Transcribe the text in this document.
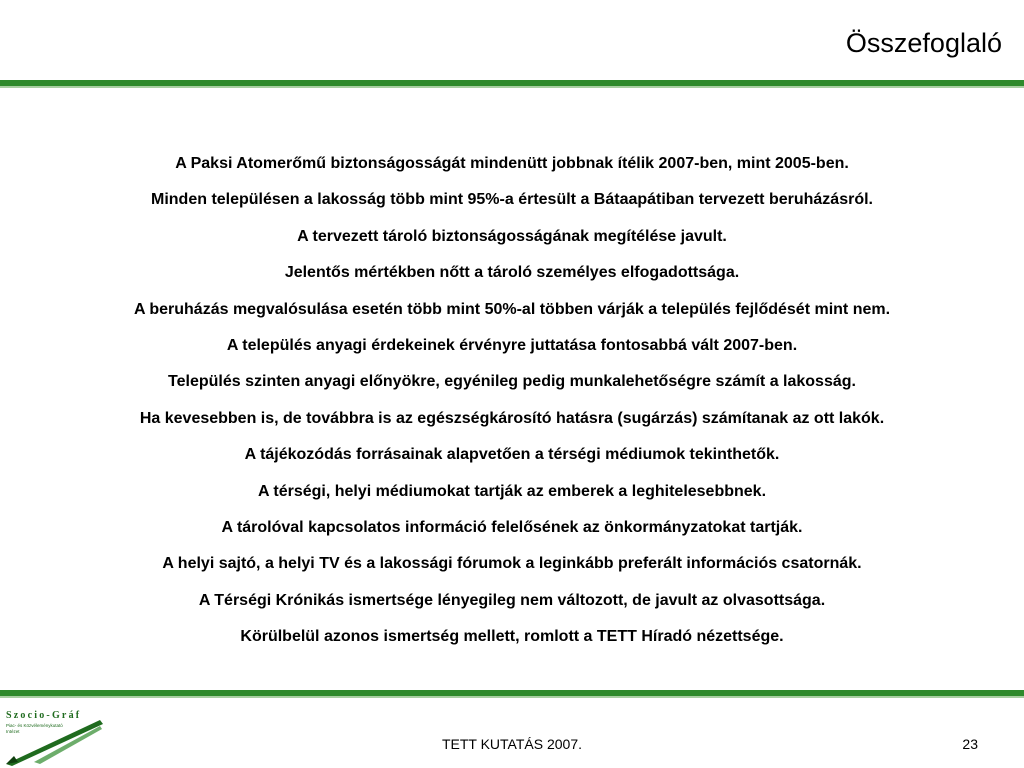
Összefoglaló
A Paksi Atomerőmű biztonságosságát mindenütt jobbnak ítélik 2007-ben, mint 2005-ben.
Minden településen a lakosság több mint 95%-a értesült a Bátaapátiban tervezett beruházásról.
A tervezett tároló biztonságosságának megítélése javult.
Jelentős mértékben nőtt a tároló személyes elfogadottsága.
A beruházás megvalósulása esetén több mint 50%-al többen várják a település fejlődését mint nem.
A település anyagi érdekeinek érvényre juttatása fontosabbá vált 2007-ben.
Település szinten anyagi előnyökre, egyénileg pedig munkalehetőségre számít a lakosság.
Ha kevesebben is, de továbbra is az egészségkárosító hatásra (sugárzás) számítanak az ott lakók.
A tájékozódás forrásainak alapvetően a térségi médiumok tekinthetők.
A térségi, helyi médiumokat tartják az emberek a leghitelesebbnek.
A tárolóval kapcsolatos információ felelősének az önkormányzatokat tartják.
A helyi sajtó, a helyi TV és a lakossági fórumok a leginkább preferált információs csatornák.
A Térségi Krónikás ismertsége lényegileg nem változott, de javult az olvasottsága.
Körülbelül azonos ismertség mellett, romlott a TETT Híradó nézettsége.
Szocio-Gráf
Piac- és Közvéleménykutató Intézet
TETT KUTATÁS 2007.	23
